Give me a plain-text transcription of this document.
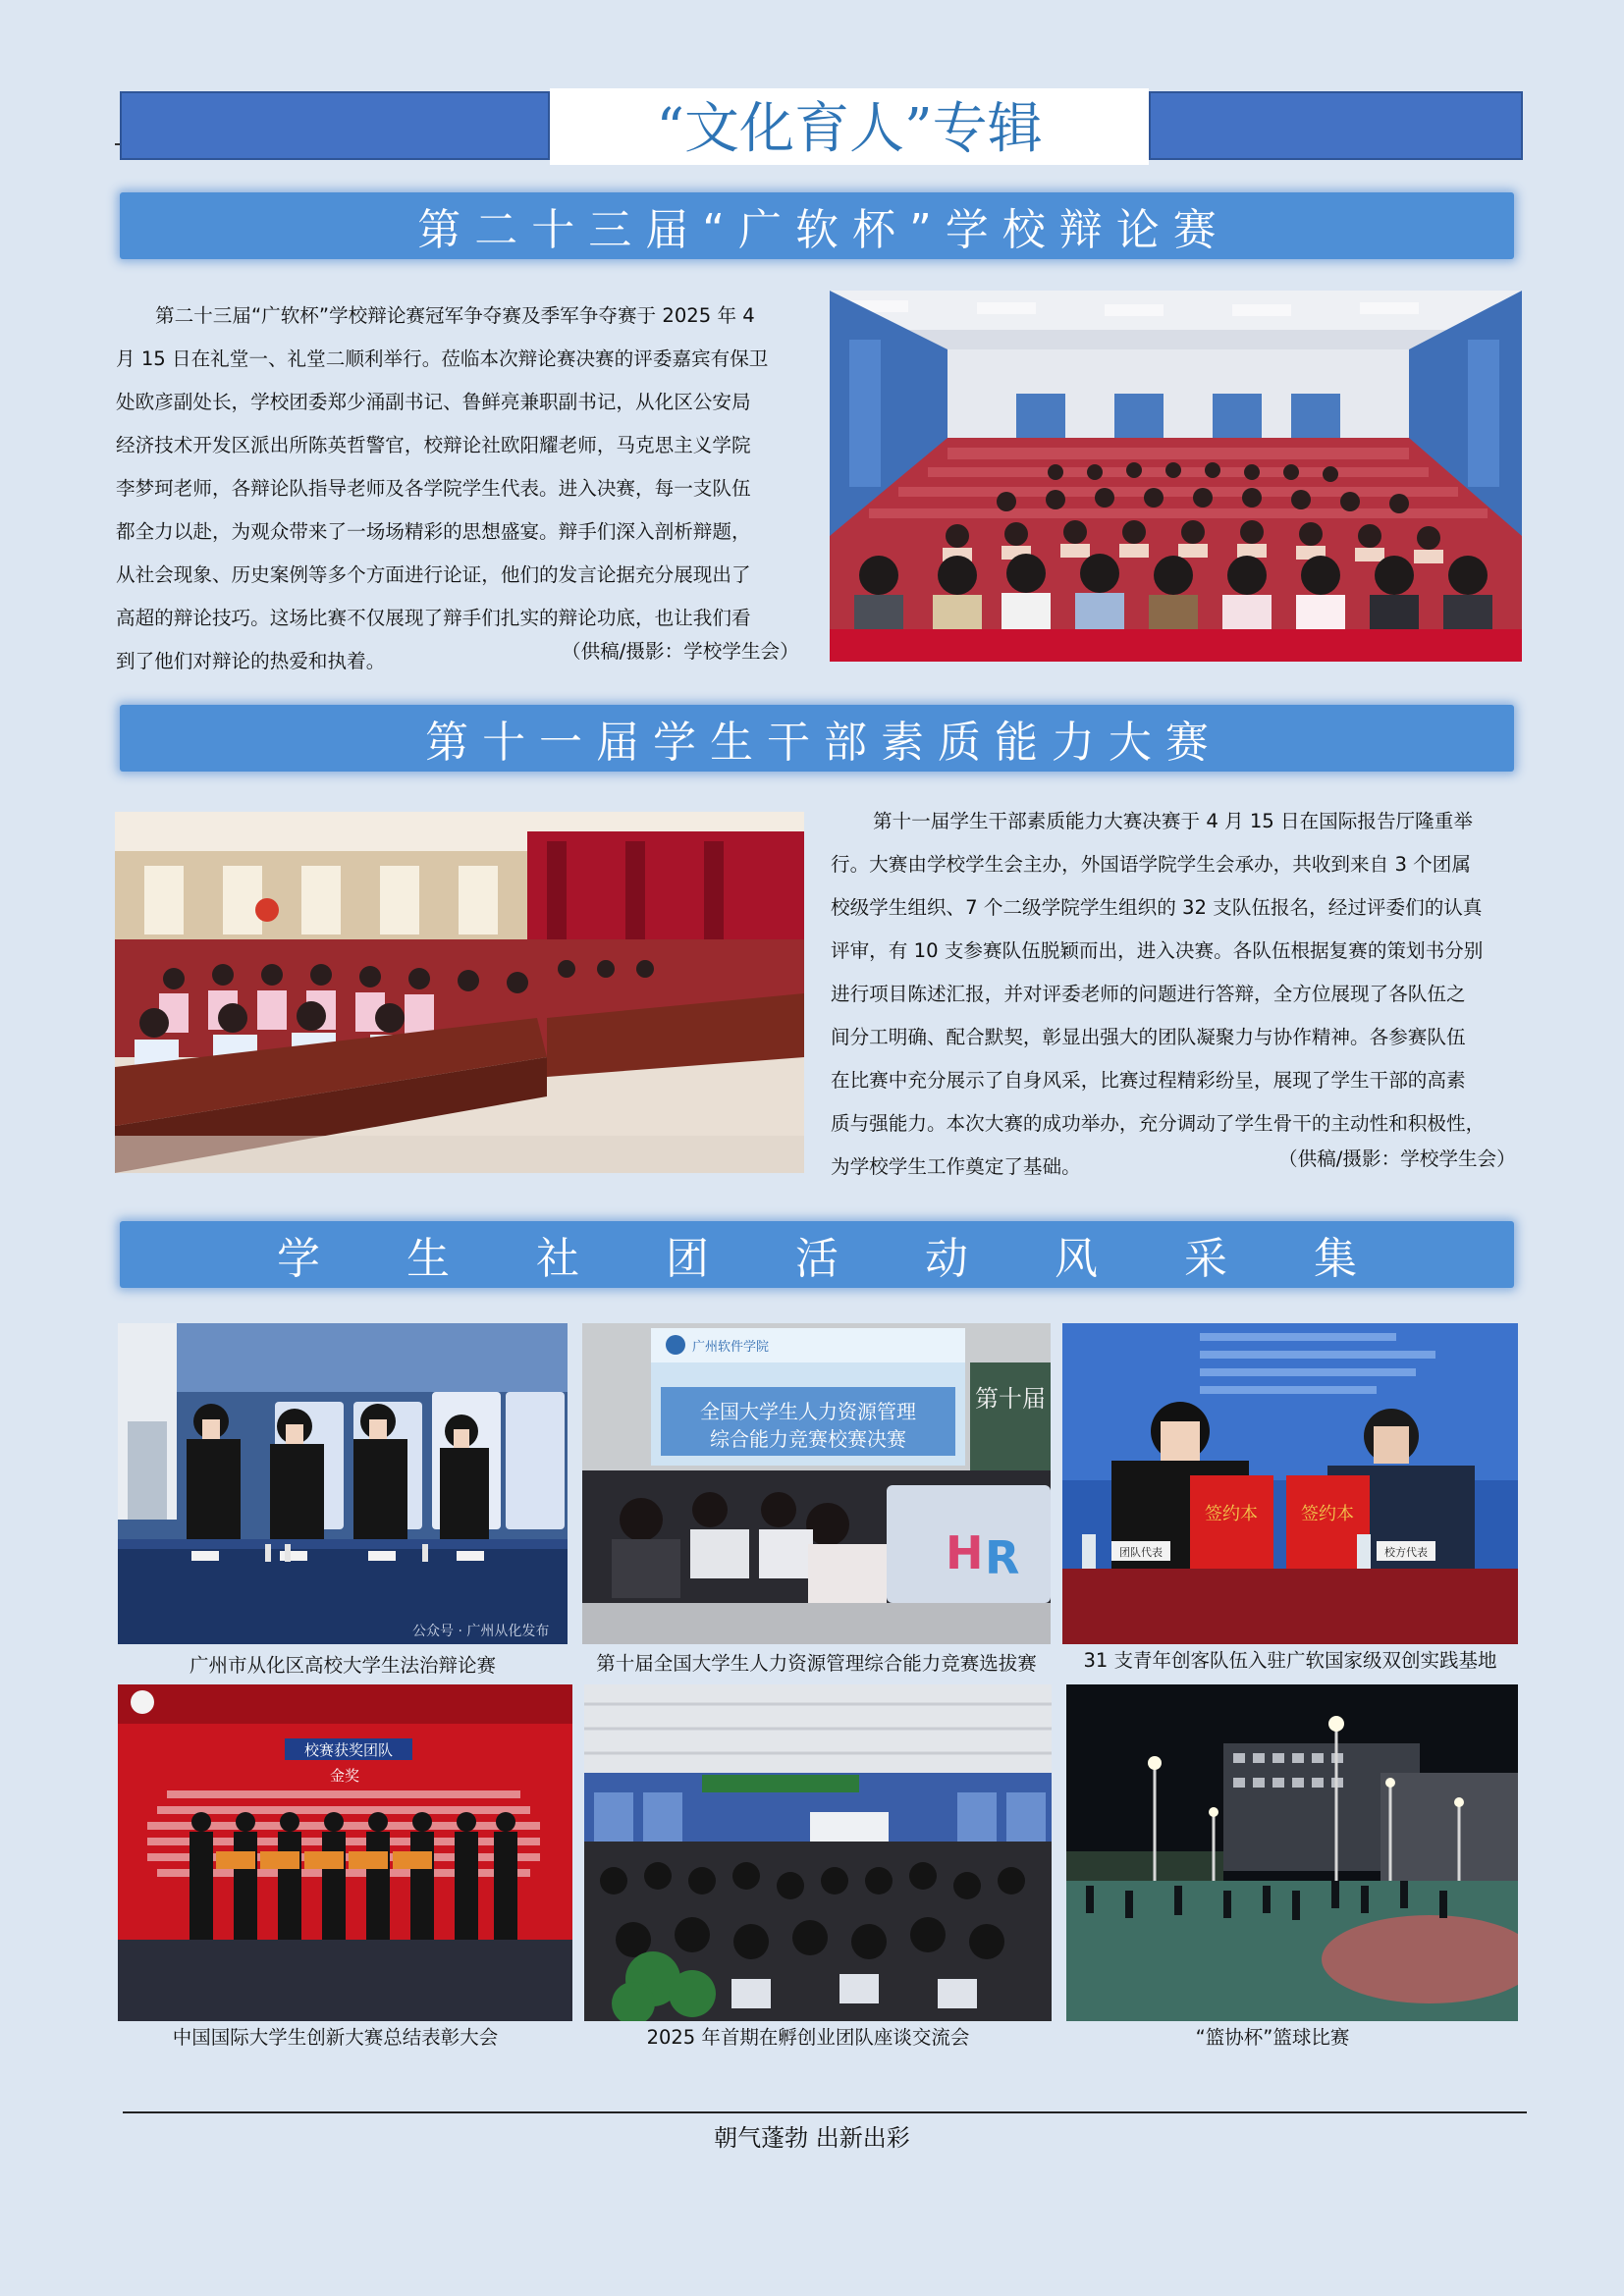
“文化育人”专辑
第 二 十 三 届 “ 广 软 杯 ” 学 校 辩 论 赛
第二十三届“广软杯”学校辩论赛冠军争夺赛及季军争夺赛于 2025 年 4
月 15 日在礼堂一、礼堂二顺利举行。莅临本次辩论赛决赛的评委嘉宾有保卫
处欧彦副处长，学校团委郑少涌副书记、鲁鲜亮兼职副书记，从化区公安局
经济技术开发区派出所陈英哲警官，校辩论社欧阳耀老师，马克思主义学院
李梦珂老师，各辩论队指导老师及各学院学生代表。进入决赛，每一支队伍
都全力以赴，为观众带来了一场场精彩的思想盛宴。辩手们深入剖析辩题，
从社会现象、历史案例等多个方面进行论证，他们的发言论据充分展现出了
高超的辩论技巧。这场比赛不仅展现了辩手们扎实的辩论功底，也让我们看
到了他们对辩论的热爱和执着。	（供稿/摄影：学校学生会）
第 十 一 届 学 生 干 部 素 质 能 力 大 赛
第十一届学生干部素质能力大赛决赛于 4 月 15 日在国际报告厅隆重举
行。大赛由学校学生会主办，外国语学院学生会承办，共收到来自 3 个团属
校级学生组织、7 个二级学院学生组织的 32 支队伍报名，经过评委们的认真
评审，有 10 支参赛队伍脱颖而出，进入决赛。各队伍根据复赛的策划书分别
进行项目陈述汇报，并对评委老师的问题进行答辩，全方位展现了各队伍之
间分工明确、配合默契，彰显出强大的团队凝聚力与协作精神。各参赛队伍
在比赛中充分展示了自身风采，比赛过程精彩纷呈，展现了学生干部的高素
质与强能力。本次大赛的成功举办，充分调动了学生骨干的主动性和积极性，
为学校学生工作奠定了基础。	（供稿/摄影：学校学生会）
学　　生　　社　　团　　活　　动　　风　　采　　集
公众号 · 广州从化发布
广州软件学院
全国大学生人力资源管理
综合能力竞赛校赛决赛
第十届
H R
签约本 签约本
团队代表	校方代表
广州市从化区高校大学生法治辩论赛	第十届全国大学生人力资源管理综合能力竞赛选拔赛	31 支青年创客队伍入驻广软国家级双创实践基地
校赛获奖团队
金奖
中国国际大学生创新大赛总结表彰大会	2025 年首期在孵创业团队座谈交流会	“篮协杯”篮球比赛
朝气蓬勃 出新出彩
